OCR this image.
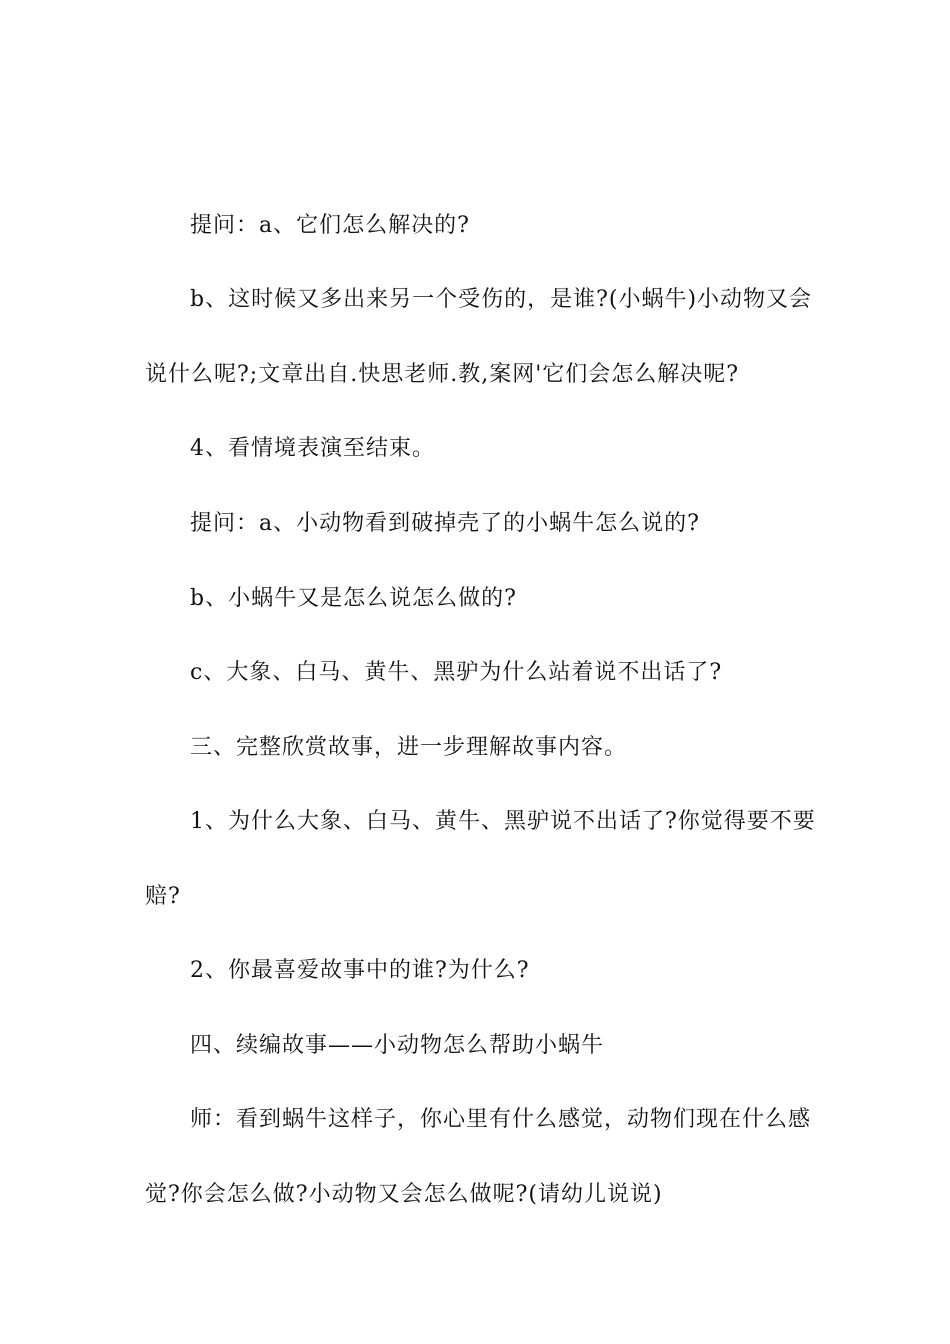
提问：a、它们怎么解决的?
b、这时候又多出来另一个受伤的，是谁?(小蜗牛)小动物又会
说什么呢?;文章出自.快思老师.教,案网'它们会怎么解决呢?
4、看情境表演至结束。
提问：a、小动物看到破掉壳了的小蜗牛怎么说的?
b、小蜗牛又是怎么说怎么做的?
c、大象、白马、黄牛、黑驴为什么站着说不出话了?
三、完整欣赏故事，进一步理解故事内容。
1、为什么大象、白马、黄牛、黑驴说不出话了?你觉得要不要
赔?
2、你最喜爱故事中的谁?为什么?
四、续编故事——小动物怎么帮助小蜗牛
师：看到蜗牛这样子，你心里有什么感觉，动物们现在什么感
觉?你会怎么做?小动物又会怎么做呢?(请幼儿说说)
